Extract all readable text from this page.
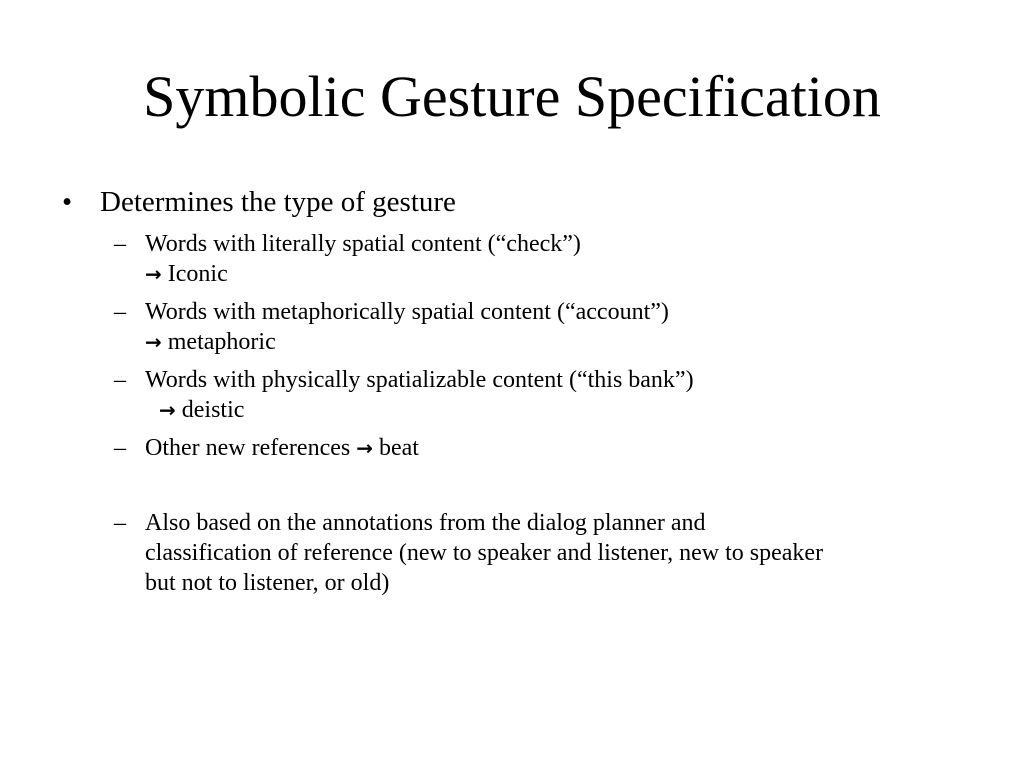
Symbolic Gesture Specification
• Determines the type of gesture
– Words with literally spatial content (“check”)
→ Iconic
– Words with metaphorically spatial content (“account”)
→ metaphoric
– Words with physically spatializable content (“this bank”)
→ deistic
– Other new references → beat
– Also based on the annotations from the dialog planner and
classification of reference (new to speaker and listener, new to speaker
but not to listener, or old)
